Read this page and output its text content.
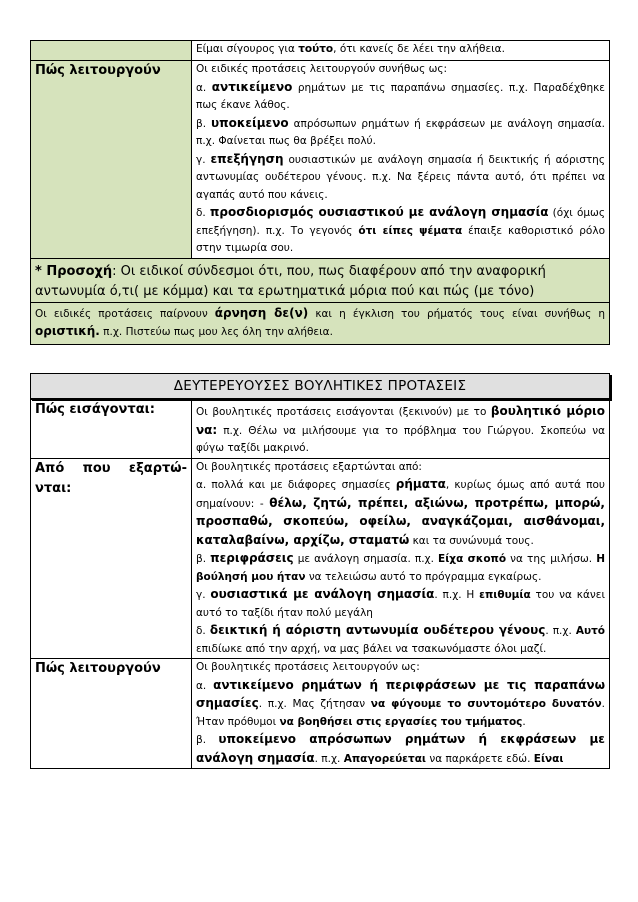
	Είμαι σίγουρος για τούτο, ότι κανείς δε λέει την αλήθεια.
Πώς λειτουργούν	Οι ειδικές προτάσεις λειτουργούν συνήθως ως:

α. αντικείμενο ρημάτων με τις παραπάνω σημασίες. π.χ. Παραδέχθηκε πως έκανε λάθος.

β. υποκείμενο απρόσωπων ρημάτων ή εκφράσεων με ανάλογη σημασία. π.χ. Φαίνεται πως θα βρέξει πολύ.

γ. επεξήγηση ουσιαστικών με ανάλογη σημασία ή δεικτικής ή αόριστης αντωνυμίας ουδέτερου γένους. π.χ. Να ξέρεις πάντα αυτό, ότι πρέπει να αγαπάς αυτό που κάνεις.

δ. προσδιορισμός ουσιαστικού με ανάλογη σημασία (όχι όμως επεξήγηση). π.χ. Το γεγονός ότι είπες ψέματα έπαιξε καθοριστικό ρόλο στην τιμωρία σου.

* Προσοχή: Οι ειδικοί σύνδεσμοι ότι, που, πως διαφέρουν από την αναφορική αντωνυμία ό,τι( με κόμμα) και τα ερωτηματικά μόρια πού και πώς (με τόνο)	
Οι ειδικές προτάσεις παίρνουν άρνηση δε(ν) και η έγκλιση του ρήματός τους είναι συνήθως η οριστική. π.χ. Πιστεύω πως μου λες όλη την αλήθεια.	
ΔΕΥΤΕΡΕΥΟΥΣΕΣ ΒΟΥΛΗΤΙΚΕΣ ΠΡΟΤΑΣΕΙΣ
Πώς εισάγονται:	Οι βουλητικές προτάσεις εισάγονται (ξεκινούν) με το βουλητικό μόριο να: π.χ. Θέλω να μιλήσουμε για το πρόβλημα του Γιώργου. Σκοπεύω να φύγω ταξίδι μακρινό.
Από που εξαρτώ-νται:	Οι βουλητικές προτάσεις εξαρτώνται από:

α. πολλά και με διάφορες σημασίες ρήματα, κυρίως όμως από αυτά που σημαίνουν: - θέλω, ζητώ, πρέπει, αξιώνω, προτρέπω, μπορώ, προσπαθώ, σκοπεύω, οφείλω, αναγκάζομαι, αισθάνομαι, καταλαβαίνω, αρχίζω, σταματώ και τα συνώνυμά τους.

β. περιφράσεις με ανάλογη σημασία. π.χ. Είχα σκοπό να της μιλήσω. Η βούλησή μου ήταν να τελειώσω αυτό το πρόγραμμα εγκαίρως.

γ. ουσιαστικά με ανάλογη σημασία. π.χ. Η επιθυμία του να κάνει αυτό το ταξίδι ήταν πολύ μεγάλη

δ. δεικτική ή αόριστη αντωνυμία ουδέτερου γένους. π.χ. Αυτό επιδίωκε από την αρχή, να μας βάλει να τσακωνόμαστε όλοι μαζί.

Πώς λειτουργούν	Οι βουλητικές προτάσεις λειτουργούν ως:

α. αντικείμενο ρημάτων ή περιφράσεων με τις παραπάνω σημασίες. π.χ. Μας ζήτησαν να φύγουμε το συντομότερο δυνατόν. Ήταν πρόθυμοι να βοηθήσει στις εργασίες του τμήματος.

β. υποκείμενο απρόσωπων ρημάτων ή εκφράσεων με ανάλογη σημασία. π.χ. Απαγορεύεται να παρκάρετε εδώ. Είναι
